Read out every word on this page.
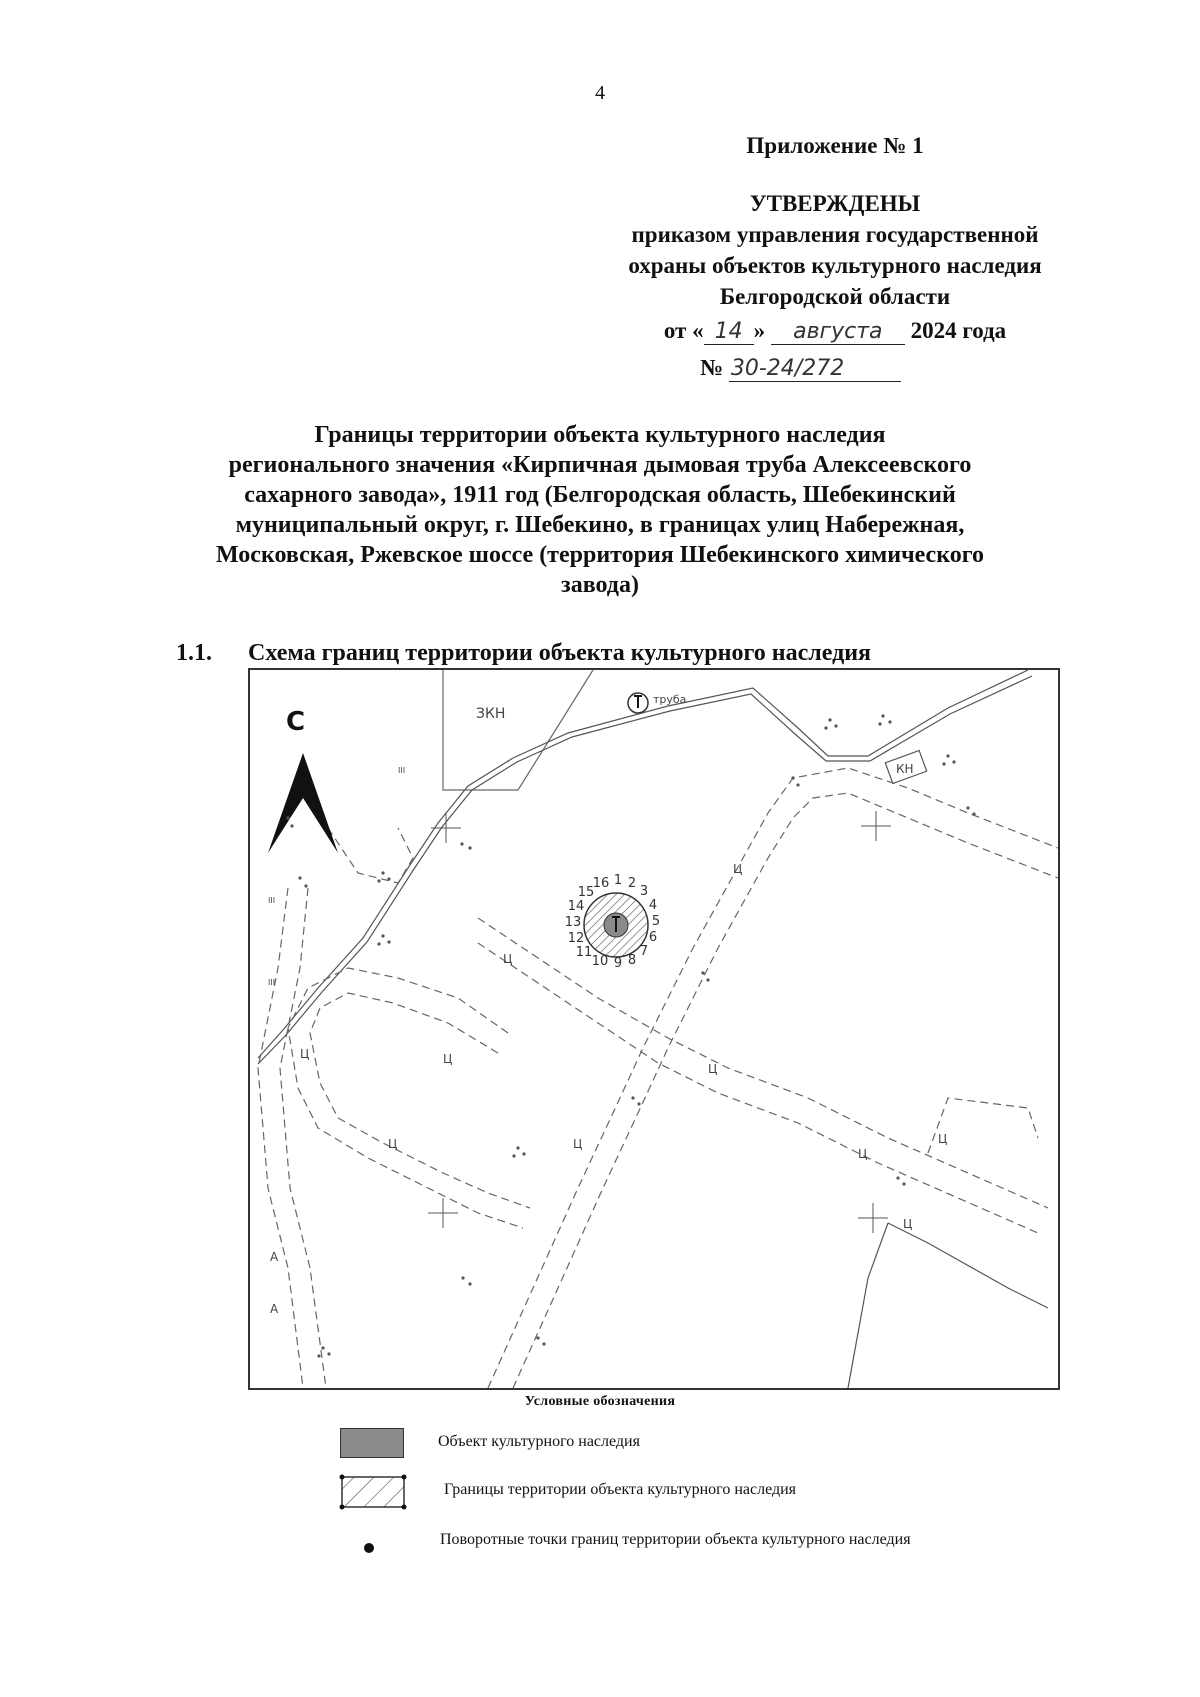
4
Приложение № 1
УТВЕРЖДЕНЫ
приказом управления государственной
охраны объектов культурного наследия
Белгородской области
от « 14 » августа 2024 года
№ 30-24/272
Границы территории объекта культурного наследия
регионального значения «Кирпичная дымовая труба Алексеевского
сахарного завода», 1911 год (Белгородская область, Шебекинский
муниципальный округ, г. Шебекино, в границах улиц Набережная,
Московская, Ржевское шоссе (территория Шебекинского химического
завода)
1.1. Схема границ территории объекта культурного наследия
ЗКН
КН
С
труба
Ц
Ц
Ц
Ц
Ц
Ц
Ц
Ц
Ц
Ц
А
А
III
III
III
1 2
3
4
5
6
7
8
9
10
11
12
13
14
15
16
Условные обозначения
Объект культурного наследия
Границы территории объекта культурного наследия
Поворотные точки границ территории объекта культурного наследия
